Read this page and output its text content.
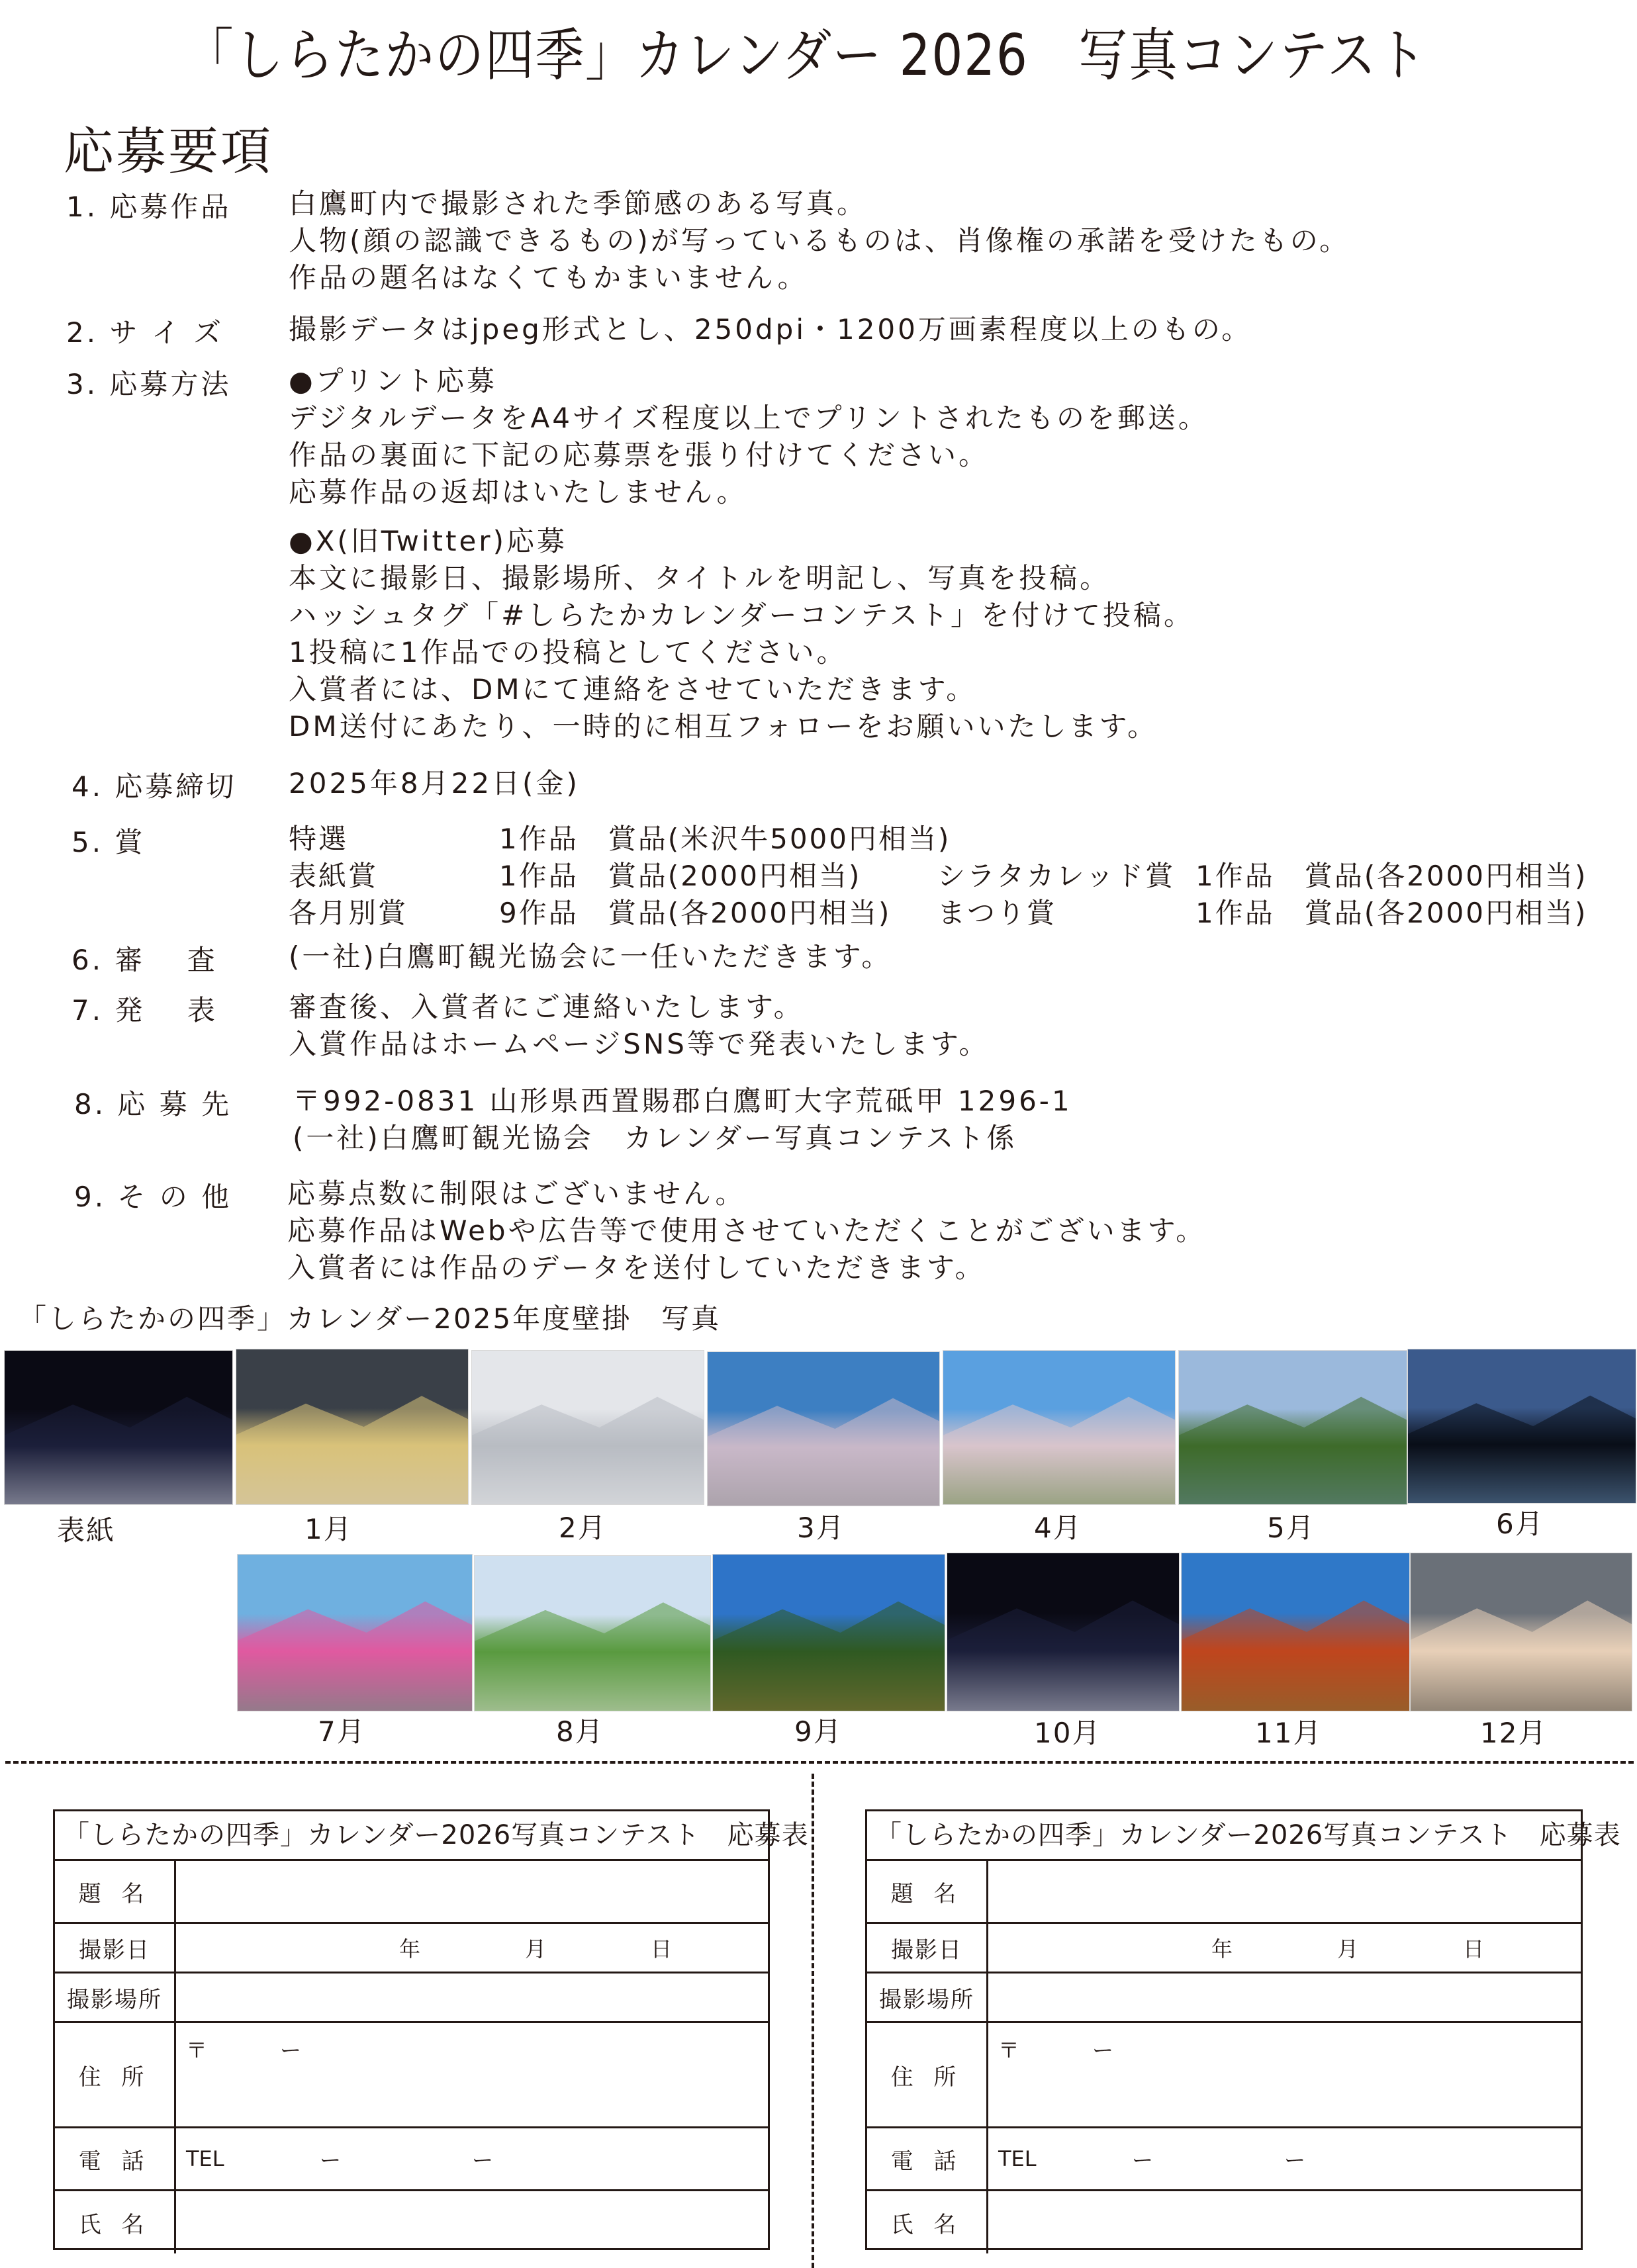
「しらたかの四季」カレンダー 2026　写真コンテスト
応募要項
1. 応募作品 白鷹町内で撮影された季節感のある写真。
人物(顔の認識できるもの)が写っているものは、肖像権の承諾を受けたもの。
作品の題名はなくてもかまいません。
2. サ イ ズ 撮影データはjpeg形式とし、250dpi・1200万画素程度以上のもの。
3. 応募方法 ●プリント応募
デジタルデータをA4サイズ程度以上でプリントされたものを郵送。
作品の裏面に下記の応募票を張り付けてください。
応募作品の返却はいたしません。
●X(旧Twitter)応募
本文に撮影日、撮影場所、タイトルを明記し、写真を投稿。
ハッシュタグ「#しらたかカレンダーコンテスト」を付けて投稿。
1投稿に1作品での投稿としてください。
入賞者には、DMにて連絡をさせていただきます。
DM送付にあたり、一時的に相互フォローをお願いいたします。
4. 応募締切 2025年8月22日(金)
5. 賞	特選	1作品　賞品(米沢牛5000円相当)
表紙賞	1作品　賞品(2000円相当)	シラタカレッド賞 1作品　賞品(各2000円相当)
各月別賞	9作品　賞品(各2000円相当) まつり賞	1作品　賞品(各2000円相当)
6. 審　 査	(一社)白鷹町観光協会に一任いただきます。
7. 発　 表	審査後、入賞者にご連絡いたします。
入賞作品はホームページSNS等で発表いたします。
8. 応 募 先 〒992-0831 山形県西置賜郡白鷹町大字荒砥甲 1296-1
(一社)白鷹町観光協会　カレンダー写真コンテスト係
9. そ の 他 応募点数に制限はございません。
応募作品はWebや広告等で使用させていただくことがございます。
入賞者には作品のデータを送付していただきます。
「しらたかの四季」カレンダー2025年度壁掛　写真
表紙	1月	2月	3月	4月	5月	6月
7月	8月	9月	10月	11月	12月
「しらたかの四季」カレンダー2026写真コンテスト　応募表
題 名
撮影日	年	月	日
撮影場所
住 所
〒	ー
電 話	TEL	ー	ー
氏 名
「しらたかの四季」カレンダー2026写真コンテスト　応募表
題 名
撮影日	年	月	日
撮影場所
住 所
〒	ー
電 話	TEL	ー	ー
氏 名
